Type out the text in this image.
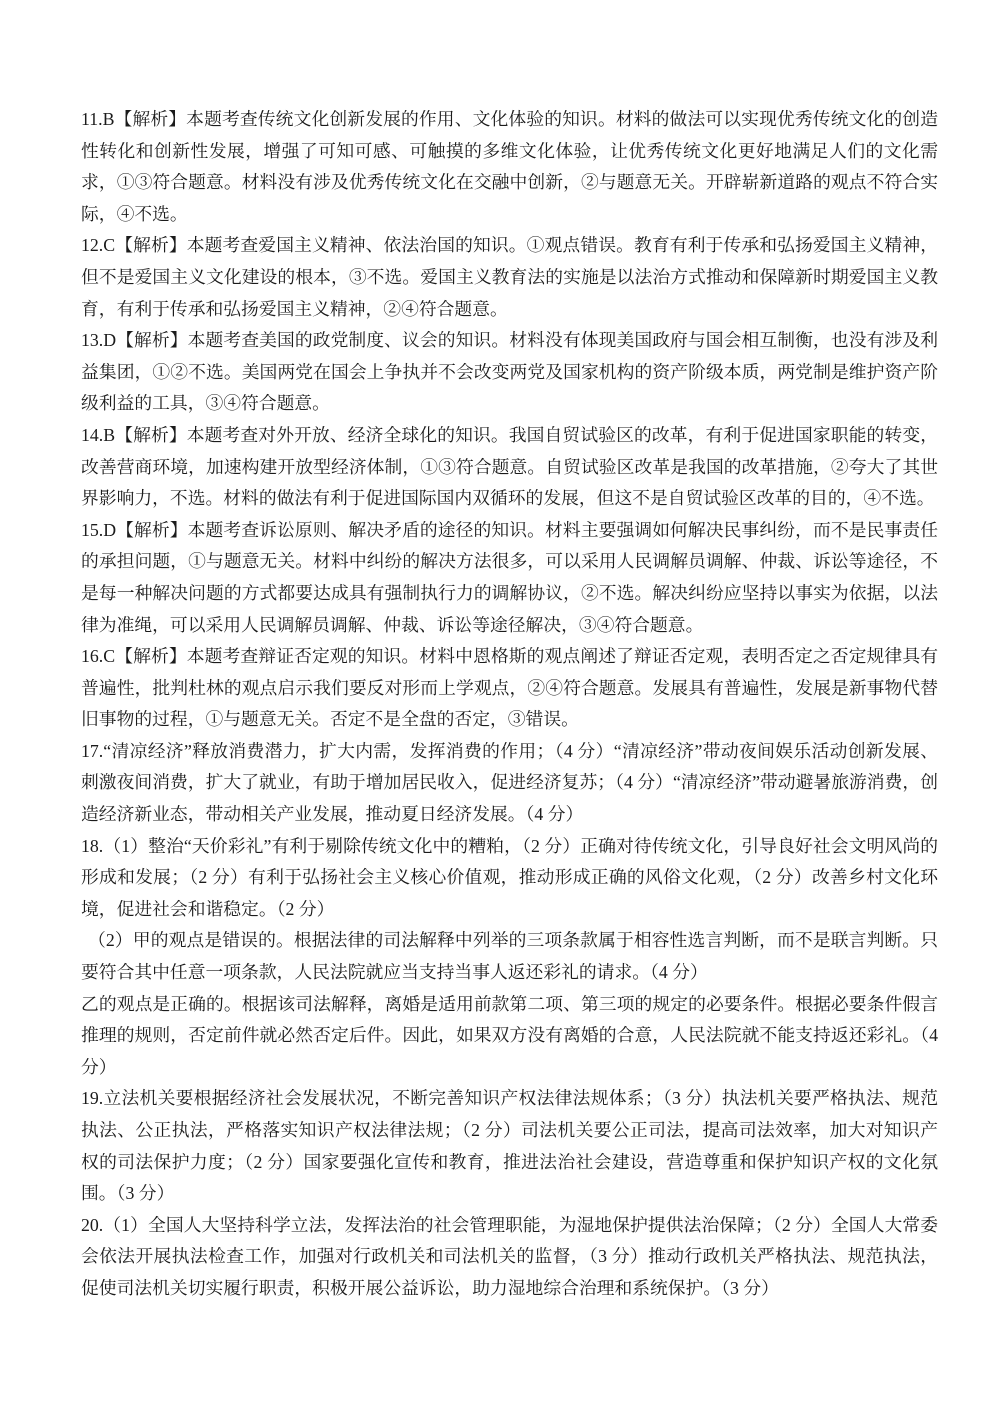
11.B【解析】本题考查传统文化创新发展的作用、文化体验的知识。材料的做法可以实现优秀传统文化的创造性转化和创新性发展，增强了可知可感、可触摸的多维文化体验，让优秀传统文化更好地满足人们的文化需求，①③符合题意。材料没有涉及优秀传统文化在交融中创新，②与题意无关。开辟崭新道路的观点不符合实际，④不选。

12.C【解析】本题考查爱国主义精神、依法治国的知识。①观点错误。教育有利于传承和弘扬爱国主义精神，但不是爱国主义文化建设的根本，③不选。爱国主义教育法的实施是以法治方式推动和保障新时期爱国主义教育，有利于传承和弘扬爱国主义精神，②④符合题意。

13.D【解析】本题考查美国的政党制度、议会的知识。材料没有体现美国政府与国会相互制衡，也没有涉及利益集团，①②不选。美国两党在国会上争执并不会改变两党及国家机构的资产阶级本质，两党制是维护资产阶级利益的工具，③④符合题意。

14.B【解析】本题考查对外开放、经济全球化的知识。我国自贸试验区的改革，有利于促进国家职能的转变，改善营商环境，加速构建开放型经济体制，①③符合题意。自贸试验区改革是我国的改革措施，②夸大了其世界影响力，不选。材料的做法有利于促进国际国内双循环的发展，但这不是自贸试验区改革的目的，④不选。

15.D【解析】本题考查诉讼原则、解决矛盾的途径的知识。材料主要强调如何解决民事纠纷，而不是民事责任的承担问题，①与题意无关。材料中纠纷的解决方法很多，可以采用人民调解员调解、仲裁、诉讼等途径，不是每一种解决问题的方式都要达成具有强制执行力的调解协议，②不选。解决纠纷应坚持以事实为依据，以法律为准绳，可以采用人民调解员调解、仲裁、诉讼等途径解决，③④符合题意。

16.C【解析】本题考查辩证否定观的知识。材料中恩格斯的观点阐述了辩证否定观，表明否定之否定规律具有普遍性，批判杜林的观点启示我们要反对形而上学观点，②④符合题意。发展具有普遍性，发展是新事物代替旧事物的过程，①与题意无关。否定不是全盘的否定，③错误。

17.“清凉经济”释放消费潜力，扩大内需，发挥消费的作用；（4 分）“清凉经济”带动夜间娱乐活动创新发展、刺激夜间消费，扩大了就业，有助于增加居民收入，促进经济复苏；（4 分）“清凉经济”带动避暑旅游消费，创造经济新业态，带动相关产业发展，推动夏日经济发展。（4 分）

18.（1）整治“天价彩礼”有利于剔除传统文化中的糟粕，（2 分）正确对待传统文化，引导良好社会文明风尚的形成和发展；（2 分）有利于弘扬社会主义核心价值观，推动形成正确的风俗文化观，（2 分）改善乡村文化环境，促进社会和谐稳定。（2 分）

（2）甲的观点是错误的。根据法律的司法解释中列举的三项条款属于相容性选言判断，而不是联言判断。只要符合其中任意一项条款，人民法院就应当支持当事人返还彩礼的请求。（4 分）

乙的观点是正确的。根据该司法解释，离婚是适用前款第二项、第三项的规定的必要条件。根据必要条件假言推理的规则，否定前件就必然否定后件。因此，如果双方没有离婚的合意，人民法院就不能支持返还彩礼。（4 分）

19.立法机关要根据经济社会发展状况，不断完善知识产权法律法规体系；（3 分）执法机关要严格执法、规范执法、公正执法，严格落实知识产权法律法规；（2 分）司法机关要公正司法，提高司法效率，加大对知识产权的司法保护力度；（2 分）国家要强化宣传和教育，推进法治社会建设，营造尊重和保护知识产权的文化氛围。（3 分）

20.（1）全国人大坚持科学立法，发挥法治的社会管理职能，为湿地保护提供法治保障；（2 分）全国人大常委会依法开展执法检查工作，加强对行政机关和司法机关的监督，（3 分）推动行政机关严格执法、规范执法，促使司法机关切实履行职责，积极开展公益诉讼，助力湿地综合治理和系统保护。（3 分）
